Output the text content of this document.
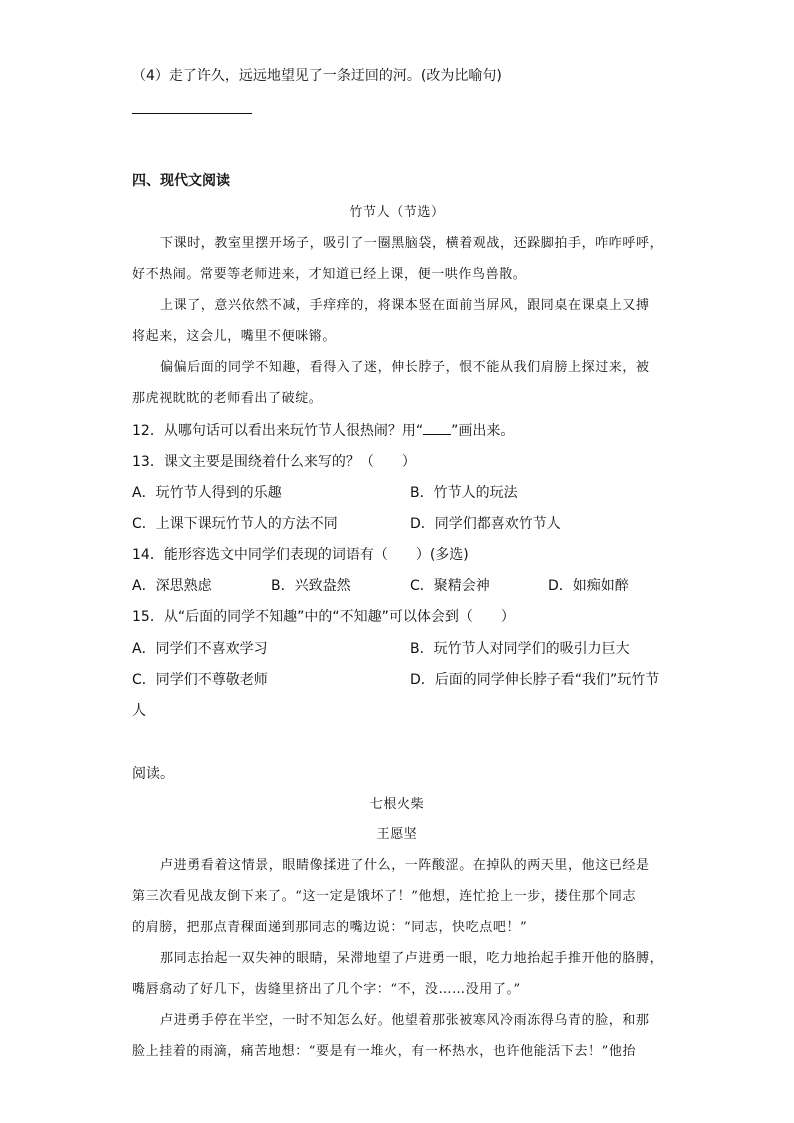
（4）走了许久，远远地望见了一条迂回的河。(改为比喻句)
四、现代文阅读
竹节人（节选）
下课时，教室里摆开场子，吸引了一圈黑脑袋，横着观战，还跺脚拍手，咋咋呼呼，
好不热闹。常要等老师进来，才知道已经上课，便一哄作鸟兽散。
上课了，意兴依然不减，手痒痒的，将课本竖在面前当屏风，跟同桌在课桌上又搏
将起来，这会儿，嘴里不便咪锵。
偏偏后面的同学不知趣，看得入了迷，伸长脖子，恨不能从我们肩膀上探过来，被
那虎视眈眈的老师看出了破绽。
12．从哪句话可以看出来玩竹节人很热闹？用“ ”画出来。
13．课文主要是围绕着什么来写的？（　　）
A．玩竹节人得到的乐趣	B．竹节人的玩法
C．上课下课玩竹节人的方法不同	D．同学们都喜欢竹节人
14．能形容选文中同学们表现的词语有（　　）(多选)
A．深思熟虑	B．兴致盎然	C．聚精会神	D．如痴如醉
15．从“后面的同学不知趣”中的“不知趣”可以体会到（　　）
A．同学们不喜欢学习	B．玩竹节人对同学们的吸引力巨大
C．同学们不尊敬老师	D．后面的同学伸长脖子看“我们”玩竹节
人
阅读。
七根火柴
王愿坚
卢进勇看着这情景，眼睛像揉进了什么，一阵酸涩。在掉队的两天里，他这已经是
第三次看见战友倒下来了。“这一定是饿坏了！”他想，连忙抢上一步，搂住那个同志
的肩膀，把那点青稞面递到那同志的嘴边说：“同志，快吃点吧！”
那同志抬起一双失神的眼睛，呆滞地望了卢进勇一眼，吃力地抬起手推开他的胳膊，
嘴唇翕动了好几下，齿缝里挤出了几个字：“不，没……没用了。”
卢进勇手停在半空，一时不知怎么好。他望着那张被寒风冷雨冻得乌青的脸，和那
脸上挂着的雨滴，痛苦地想：“要是有一堆火，有一杯热水，也许他能活下去！”他抬
